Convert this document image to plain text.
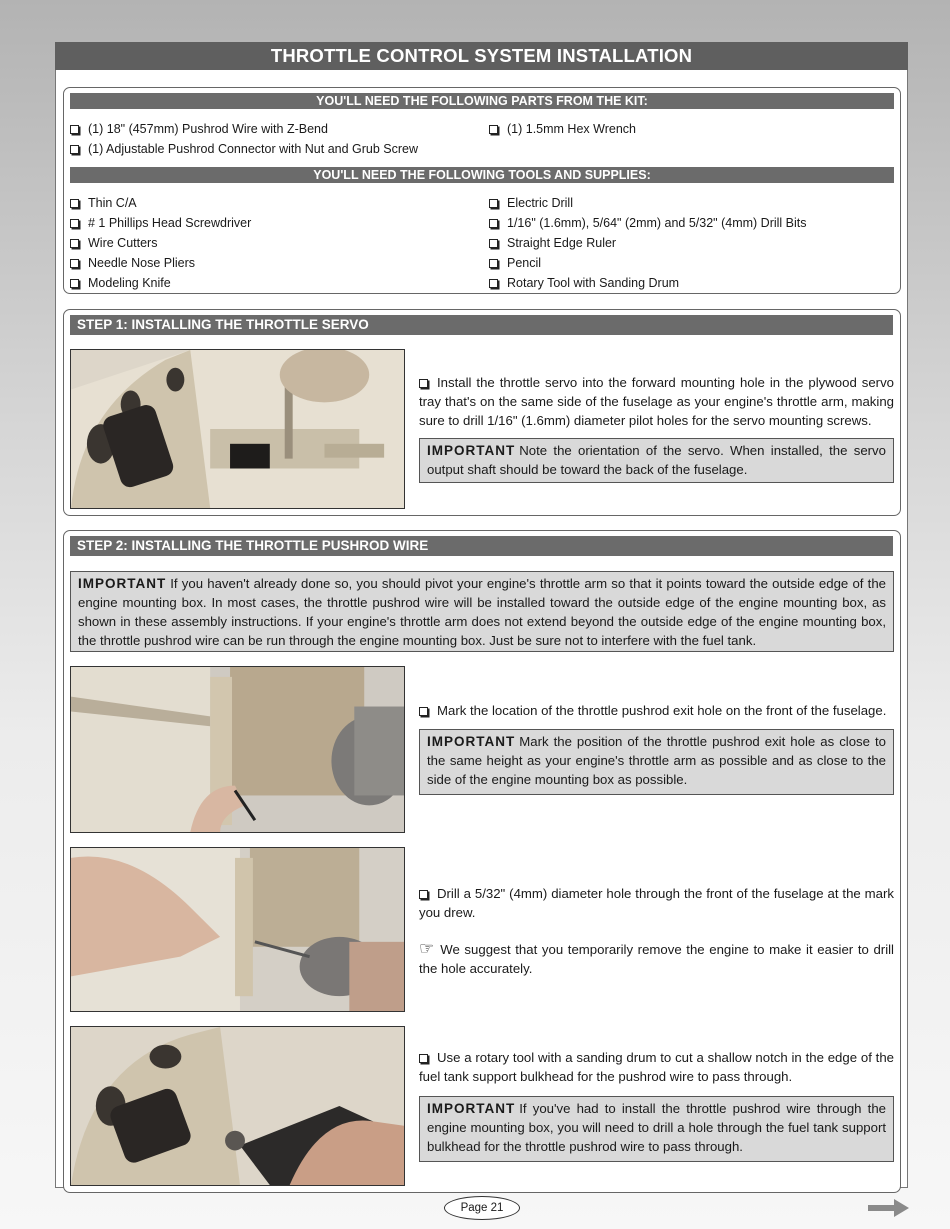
THROTTLE CONTROL SYSTEM INSTALLATION
YOU'LL NEED THE FOLLOWING PARTS FROM THE KIT:
(1) 18" (457mm) Pushrod Wire with Z-Bend
(1) Adjustable Pushrod Connector with Nut and Grub Screw
(1) 1.5mm Hex Wrench
YOU'LL NEED THE FOLLOWING TOOLS AND SUPPLIES:
Thin C/A
# 1 Phillips Head Screwdriver
Wire Cutters
Needle Nose Pliers
Modeling Knife
Electric Drill
1/16" (1.6mm), 5/64" (2mm) and 5/32" (4mm) Drill Bits
Straight Edge Ruler
Pencil
Rotary Tool with Sanding Drum
STEP 1: INSTALLING THE THROTTLE SERVO
Install the throttle servo into the forward mounting hole in the plywood servo tray that's on the same side of the fuselage as your engine's throttle arm, making sure to drill 1/16" (1.6mm) diameter pilot holes for the servo mounting screws.
IMPORTANT Note the orientation of the servo. When installed, the servo output shaft should be toward the back of the fuselage.
STEP 2: INSTALLING THE THROTTLE PUSHROD WIRE
IMPORTANT If you haven't already done so, you should pivot your engine's throttle arm so that it points toward the outside edge of the engine mounting box. In most cases, the throttle pushrod wire will be installed toward the outside edge of the engine mounting box, as shown in these assembly instructions. If your engine's throttle arm does not extend beyond the outside edge of the engine mounting box, the throttle pushrod wire can be run through the engine mounting box. Just be sure not to interfere with the fuel tank.
Mark the location of the throttle pushrod exit hole on the front of the fuselage.
IMPORTANT Mark the position of the throttle pushrod exit hole as close to the same height as your engine's throttle arm as possible and as close to the side of the engine mounting box as possible.
Drill a 5/32" (4mm) diameter hole through the front of the fuselage at the mark you drew.
☞ We suggest that you temporarily remove the engine to make it easier to drill the hole accurately.
Use a rotary tool with a sanding drum to cut a shallow notch in the edge of the fuel tank support bulkhead for the pushrod wire to pass through.
IMPORTANT If you've had to install the throttle pushrod wire through the engine mounting box, you will need to drill a hole through the fuel tank support bulkhead for the throttle pushrod wire to pass through.
Page 21
